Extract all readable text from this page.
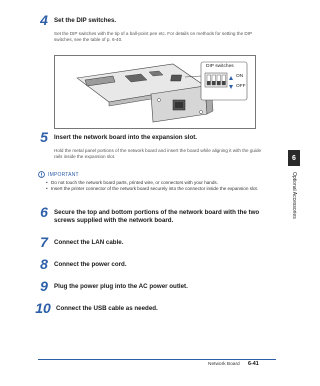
4 Set the DIP switches.
Set the DIP switches with the tip of a ball-point pen etc. For details on methods for setting the DIP switches, see the table of p. 6-40.
DIP switches
ON
OFF
5 Insert the network board into the expansion slot.
Hold the metal panel portions of the network board and insert the board while aligning it with the guide rails inside the expansion slot.
IMPORTANT
• Do not touch the network board parts, printed wire, or connectors with your hands.
• Insert the printer connector of the network board securely into the connector inside the expansion slot.
6 Secure the top and bottom portions of the network board with the two screws supplied with the network board.
7 Connect the LAN cable.
8 Connect the power cord.
9 Plug the power plug into the AC power outlet.
10 Connect the USB cable as needed.
6
Optional Accessories
Network Board 6-41
